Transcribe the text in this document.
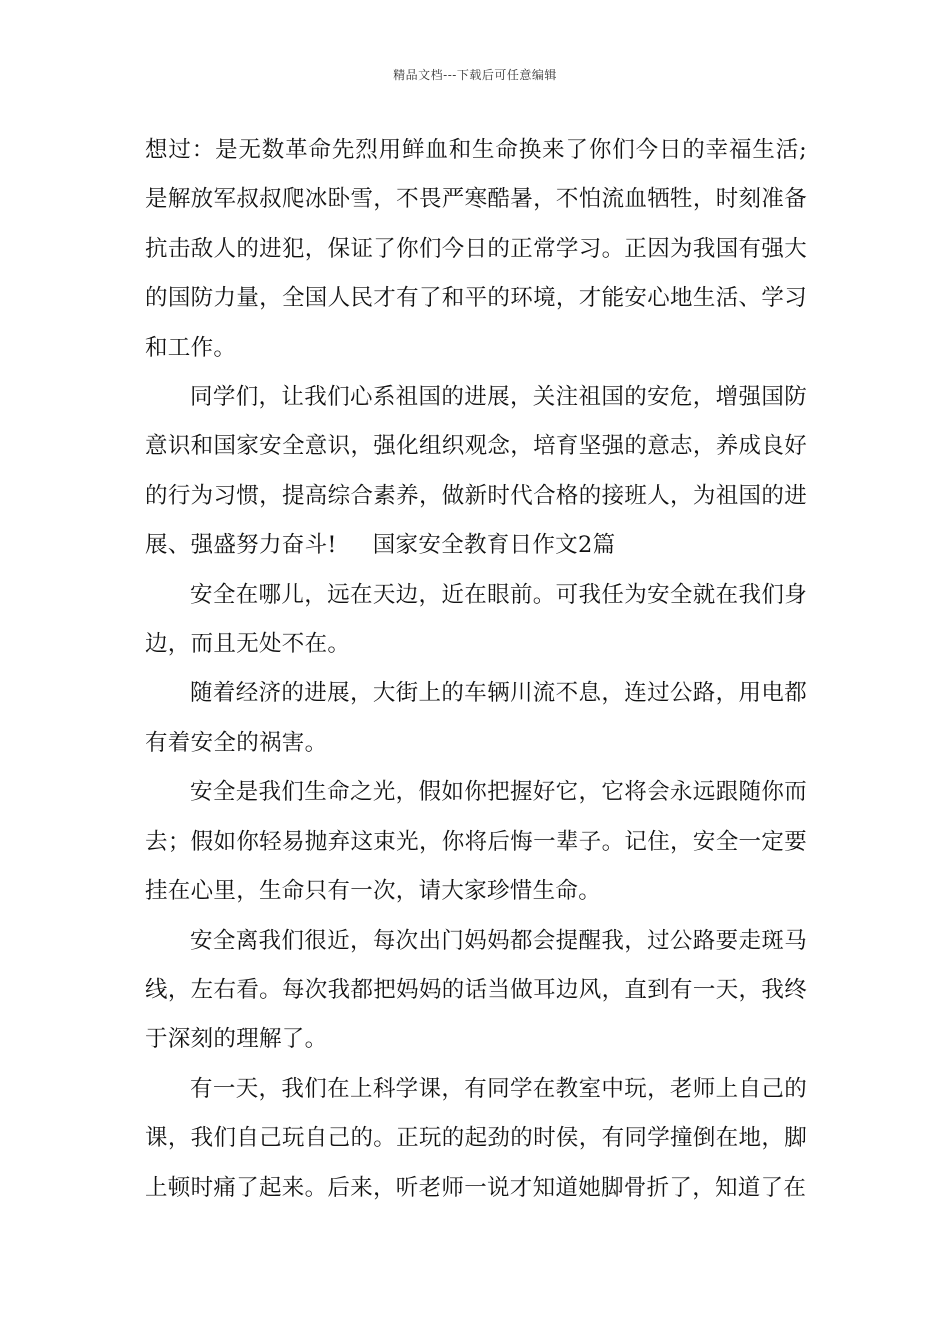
精品文档---下载后可任意编辑

想过：是无数革命先烈用鲜血和生命换来了你们今日的幸福生活;是解放军叔叔爬冰卧雪，不畏严寒酷暑，不怕流血牺牲，时刻准备抗击敌人的进犯，保证了你们今日的正常学习。正因为我国有强大的国防力量，全国人民才有了和平的环境，才能安心地生活、学习和工作。

同学们，让我们心系祖国的进展，关注祖国的安危，增强国防意识和国家安全意识，强化组织观念，培育坚强的意志，养成良好的行为习惯，提高综合素养，做新时代合格的接班人，为祖国的进展、强盛努力奋斗! 国家安全教育日作文2篇

安全在哪儿，远在天边，近在眼前。可我任为安全就在我们身边，而且无处不在。

随着经济的进展，大街上的车辆川流不息，连过公路，用电都有着安全的祸害。

安全是我们生命之光，假如你把握好它，它将会永远跟随你而去；假如你轻易抛弃这束光，你将后悔一辈子。记住，安全一定要挂在心里，生命只有一次，请大家珍惜生命。

安全离我们很近，每次出门妈妈都会提醒我，过公路要走斑马线，左右看。每次我都把妈妈的话当做耳边风，直到有一天，我终于深刻的理解了。

有一天，我们在上科学课，有同学在教室中玩，老师上自己的课，我们自己玩自己的。正玩的起劲的时侯，有同学撞倒在地，脚上顿时痛了起来。后来，听老师一说才知道她脚骨折了，知道了在
